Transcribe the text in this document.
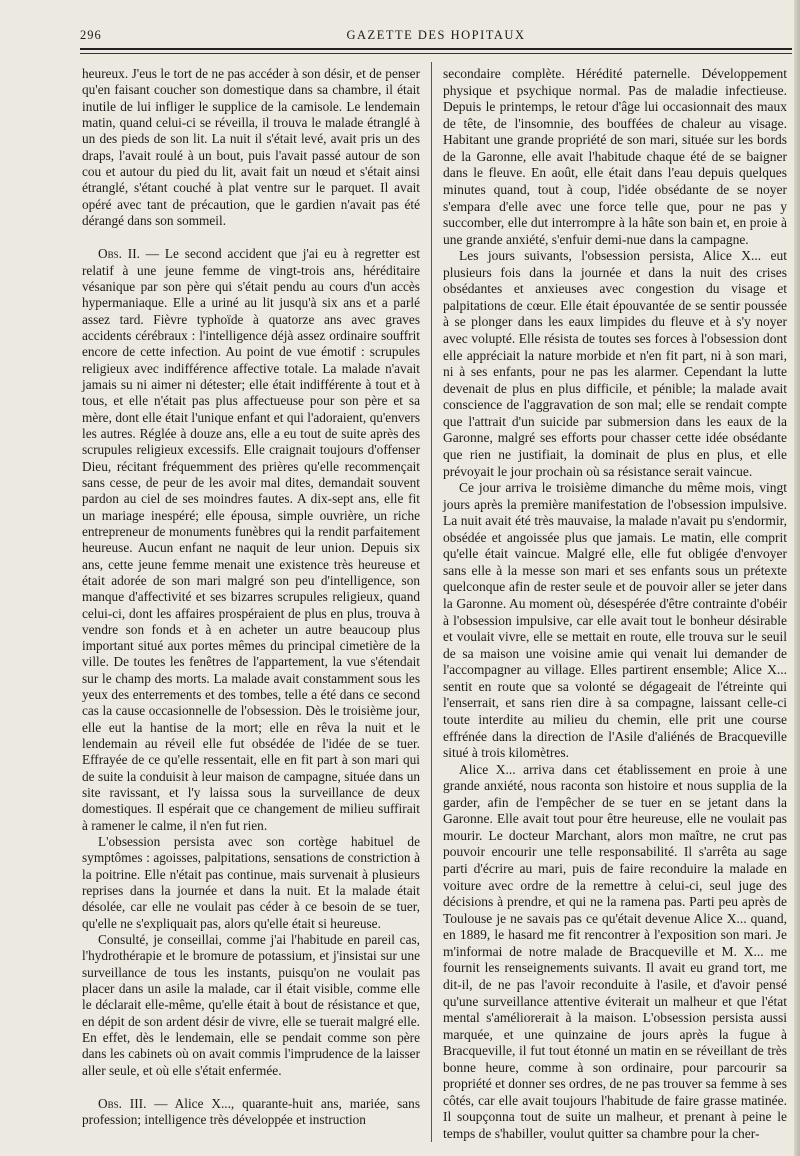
296	GAZETTE DES HOPITAUX

heureux. J'eus le tort de ne pas accéder à son désir, et de penser qu'en faisant coucher son domestique dans sa chambre, il était inutile de lui infliger le supplice de la camisole. Le lendemain matin, quand celui-ci se réveilla, il trouva le malade étranglé à un des pieds de son lit. La nuit il s'était levé, avait pris un des draps, l'avait roulé à un bout, puis l'avait passé autour de son cou et autour du pied du lit, avait fait un nœud et s'était ainsi étranglé, s'étant couché à plat ventre sur le parquet. Il avait opéré avec tant de précaution, que le gardien n'avait pas été dérangé dans son sommeil.

Obs. II. — Le second accident que j'ai eu à regretter est relatif à une jeune femme de vingt-trois ans, héréditaire vésanique par son père qui s'était pendu au cours d'un accès hypermaniaque. Elle a uriné au lit jusqu'à six ans et a parlé assez tard. Fièvre typhoïde à quatorze ans avec graves accidents cérébraux : l'intelligence déjà assez ordinaire souffrit encore de cette infection. Au point de vue émotif : scrupules religieux avec indifférence affective totale. La malade n'avait jamais su ni aimer ni détester; elle était indifférente à tout et à tous, et elle n'était pas plus affectueuse pour son père et sa mère, dont elle était l'unique enfant et qui l'adoraient, qu'envers les autres. Réglée à douze ans, elle a eu tout de suite après des scrupules religieux excessifs. Elle craignait toujours d'offenser Dieu, récitant fréquemment des prières qu'elle recommençait sans cesse, de peur de les avoir mal dites, demandait souvent pardon au ciel de ses moindres fautes. A dix-sept ans, elle fit un mariage inespéré; elle épousa, simple ouvrière, un riche entrepreneur de monuments funèbres qui la rendit parfaitement heureuse. Aucun enfant ne naquit de leur union. Depuis six ans, cette jeune femme menait une existence très heureuse et était adorée de son mari malgré son peu d'intelligence, son manque d'affectivité et ses bizarres scrupules religieux, quand celui-ci, dont les affaires prospéraient de plus en plus, trouva à vendre son fonds et à en acheter un autre beaucoup plus important situé aux portes mêmes du principal cimetière de la ville. De toutes les fenêtres de l'appartement, la vue s'étendait sur le champ des morts. La malade avait constamment sous les yeux des enterrements et des tombes, telle a été dans ce second cas la cause occasionnelle de l'obsession. Dès le troisième jour, elle eut la hantise de la mort; elle en rêva la nuit et le lendemain au réveil elle fut obsédée de l'idée de se tuer. Effrayée de ce qu'elle ressentait, elle en fit part à son mari qui de suite la conduisit à leur maison de campagne, située dans un site ravissant, et l'y laissa sous la surveillance de deux domestiques. Il espérait que ce changement de milieu suffirait à ramener le calme, il n'en fut rien.

L'obsession persista avec son cortège habituel de symptômes : agoisses, palpitations, sensations de constriction à la poitrine. Elle n'était pas continue, mais survenait à plusieurs reprises dans la journée et dans la nuit. Et la malade était désolée, car elle ne voulait pas céder à ce besoin de se tuer, qu'elle ne s'expliquait pas, alors qu'elle était si heureuse.

Consulté, je conseillai, comme j'ai l'habitude en pareil cas, l'hydrothérapie et le bromure de potassium, et j'insistai sur une surveillance de tous les instants, puisqu'on ne voulait pas placer dans un asile la malade, car il était visible, comme elle le déclarait elle-même, qu'elle était à bout de résistance et que, en dépit de son ardent désir de vivre, elle se tuerait malgré elle. En effet, dès le lendemain, elle se pendait comme son père dans les cabinets où on avait commis l'imprudence de la laisser aller seule, et où elle s'était enfermée.

Obs. III. — Alice X..., quarante-huit ans, mariée, sans profession; intelligence très développée et instruction

secondaire complète. Hérédité paternelle. Développement physique et psychique normal. Pas de maladie infectieuse. Depuis le printemps, le retour d'âge lui occasionnait des maux de tête, de l'insomnie, des bouffées de chaleur au visage. Habitant une grande propriété de son mari, située sur les bords de la Garonne, elle avait l'habitude chaque été de se baigner dans le fleuve. En août, elle était dans l'eau depuis quelques minutes quand, tout à coup, l'idée obsédante de se noyer s'empara d'elle avec une force telle que, pour ne pas y succomber, elle dut interrompre à la hâte son bain et, en proie à une grande anxiété, s'enfuir demi-nue dans la campagne.

Les jours suivants, l'obsession persista, Alice X... eut plusieurs fois dans la journée et dans la nuit des crises obsédantes et anxieuses avec congestion du visage et palpitations de cœur. Elle était épouvantée de se sentir poussée à se plonger dans les eaux limpides du fleuve et à s'y noyer avec volupté. Elle résista de toutes ses forces à l'obsession dont elle appréciait la nature morbide et n'en fit part, ni à son mari, ni à ses enfants, pour ne pas les alarmer. Cependant la lutte devenait de plus en plus difficile, et pénible; la malade avait conscience de l'aggravation de son mal; elle se rendait compte que l'attrait d'un suicide par submersion dans les eaux de la Garonne, malgré ses efforts pour chasser cette idée obsédante que rien ne justifiait, la dominait de plus en plus, et elle prévoyait le jour prochain où sa résistance serait vaincue.

Ce jour arriva le troisième dimanche du même mois, vingt jours après la première manifestation de l'obsession impulsive. La nuit avait été très mauvaise, la malade n'avait pu s'endormir, obsédée et angoissée plus que jamais. Le matin, elle comprit qu'elle était vaincue. Malgré elle, elle fut obligée d'envoyer sans elle à la messe son mari et ses enfants sous un prétexte quelconque afin de rester seule et de pouvoir aller se jeter dans la Garonne. Au moment où, désespérée d'être contrainte d'obéir à l'obsession impulsive, car elle avait tout le bonheur désirable et voulait vivre, elle se mettait en route, elle trouva sur le seuil de sa maison une voisine amie qui venait lui demander de l'accompagner au village. Elles partirent ensemble; Alice X... sentit en route que sa volonté se dégageait de l'étreinte qui l'enserrait, et sans rien dire à sa compagne, laissant celle-ci toute interdite au milieu du chemin, elle prit une course effrénée dans la direction de l'Asile d'aliénés de Bracqueville situé à trois kilomètres.

Alice X... arriva dans cet établissement en proie à une grande anxiété, nous raconta son histoire et nous supplia de la garder, afin de l'empêcher de se tuer en se jetant dans la Garonne. Elle avait tout pour être heureuse, elle ne voulait pas mourir. Le docteur Marchant, alors mon maître, ne crut pas pouvoir encourir une telle responsabilité. Il s'arrêta au sage parti d'écrire au mari, puis de faire reconduire la malade en voiture avec ordre de la remettre à celui-ci, seul juge des décisions à prendre, et qui ne la ramena pas. Parti peu après de Toulouse je ne savais pas ce qu'était devenue Alice X... quand, en 1889, le hasard me fit rencontrer à l'exposition son mari. Je m'informai de notre malade de Bracqueville et M. X... me fournit les renseignements suivants. Il avait eu grand tort, me dit-il, de ne pas l'avoir reconduite à l'asile, et d'avoir pensé qu'une surveillance attentive éviterait un malheur et que l'état mental s'améliorerait à la maison. L'obsession persista aussi marquée, et une quinzaine de jours après la fugue à Bracqueville, il fut tout étonné un matin en se réveillant de très bonne heure, comme à son ordinaire, pour parcourir sa propriété et donner ses ordres, de ne pas trouver sa femme à ses côtés, car elle avait toujours l'habitude de faire grasse matinée. Il soupçonna tout de suite un malheur, et prenant à peine le temps de s'habiller, voulut quitter sa chambre pour la cher-
